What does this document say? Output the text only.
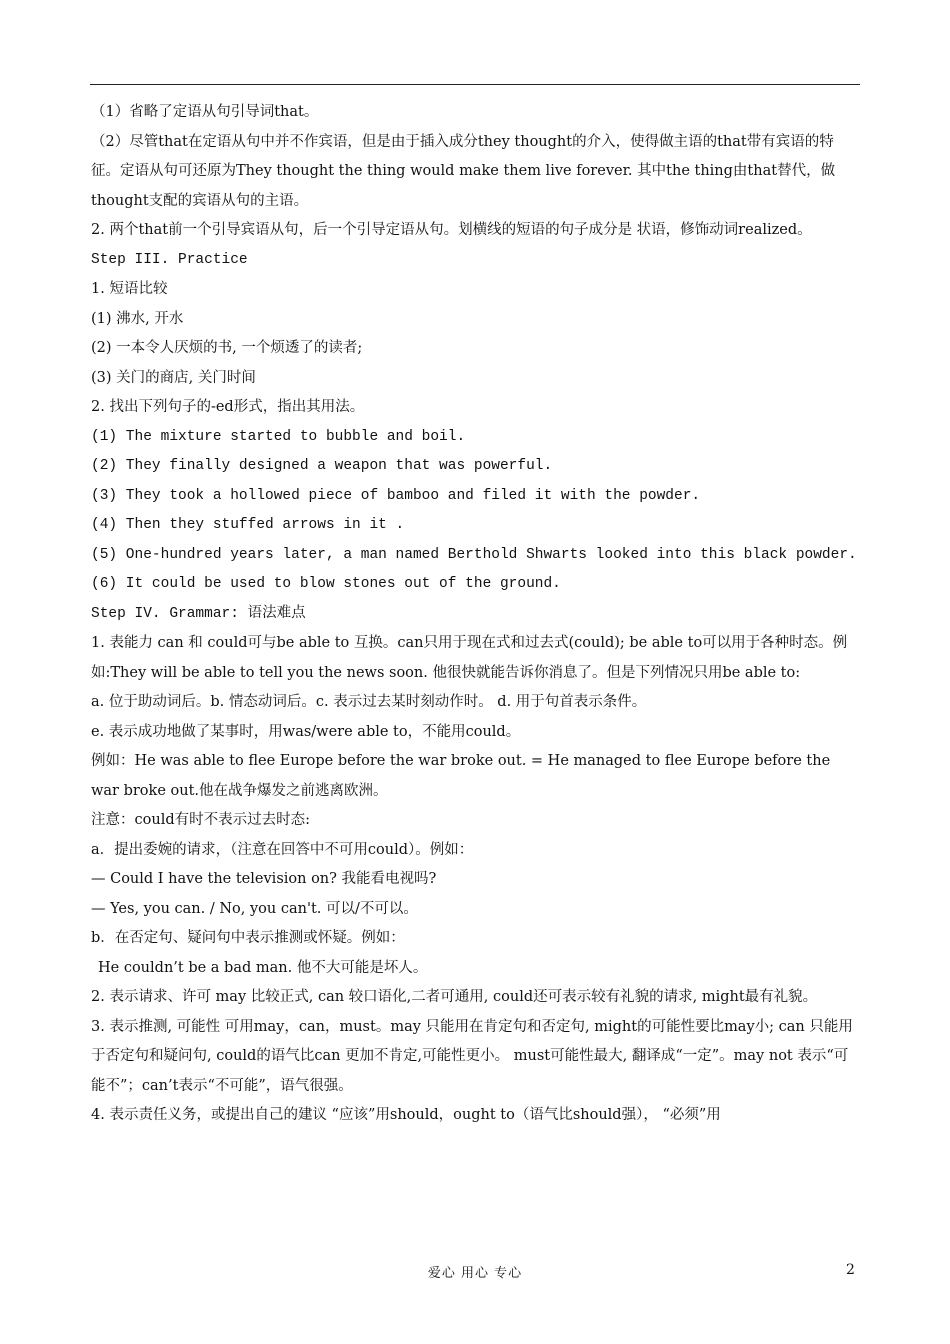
（1）省略了定语从句引导词that。

（2）尽管that在定语从句中并不作宾语，但是由于插入成分they thought的介入，使得做主语的that带有宾语的特征。定语从句可还原为They thought the thing would make them live forever. 其中the thing由that替代，做thought支配的宾语从句的主语。

2. 两个that前一个引导宾语从句，后一个引导定语从句。划横线的短语的句子成分是 状语，修饰动词realized。

Step III. Practice

1. 短语比较

(1) 沸水, 开水

(2) 一本令人厌烦的书, 一个烦透了的读者;

(3) 关门的商店, 关门时间

2. 找出下列句子的-ed形式，指出其用法。

(1) The mixture started to bubble and boil.

(2) They finally designed a weapon that was powerful.

(3) They took a hollowed piece of bamboo and filed it with the powder.

(4) Then they stuffed arrows in it .

(5) One-hundred years later, a man named Berthold Shwarts looked into this black powder.

(6) It could be used to blow stones out of the ground.

Step IV. Grammar: 语法难点

1. 表能力 can 和 could可与be able to 互换。can只用于现在式和过去式(could); be able to可以用于各种时态。例如:They will be able to tell you the news soon. 他很快就能告诉你消息了。但是下列情况只用be able to:

a. 位于助动词后。b. 情态动词后。c. 表示过去某时刻动作时。 d. 用于句首表示条件。

e. 表示成功地做了某事时，用was/were able to，不能用could。

例如：He was able to flee Europe before the war broke out. = He managed to flee Europe before the war broke out.他在战争爆发之前逃离欧洲。

注意：could有时不表示过去时态:

a．提出委婉的请求，（注意在回答中不可用could）。例如：

— Could I have the television on? 我能看电视吗?

— Yes, you can. / No, you can't. 可以/不可以。

b．在否定句、疑问句中表示推测或怀疑。例如：

He couldn’t be a bad man. 他不大可能是坏人。

2. 表示请求、许可 may 比较正式, can 较口语化,二者可通用, could还可表示较有礼貌的请求, might最有礼貌。

3. 表示推测, 可能性 可用may，can，must。may 只能用在肯定句和否定句, might的可能性要比may小; can 只能用于否定句和疑问句, could的语气比can 更加不肯定,可能性更小。 must可能性最大, 翻译成“一定”。may not 表示“可能不”；can’t表示“不可能”，语气很强。

4. 表示责任义务，或提出自己的建议 “应该”用should，ought to（语气比should强）， “必须”用

爱心 用心 专心	2
